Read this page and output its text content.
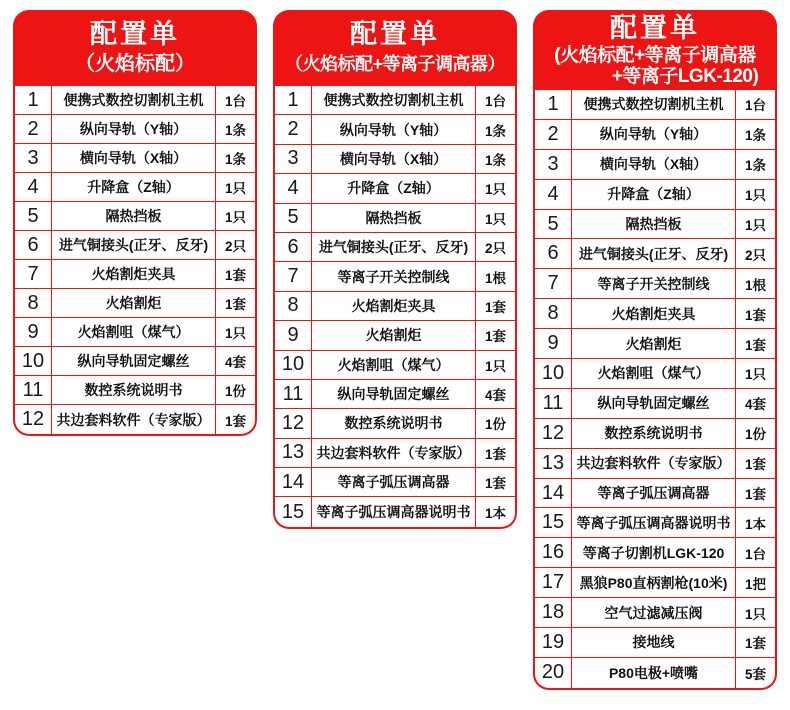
配置单
（火焰标配）
1	便携式数控切割机主机	1台
2	纵向导轨（Y轴）	1条
3	横向导轨（X轴）	1条
4	升降盒（Z轴）	1只
5	隔热挡板	1只
6	进气铜接头(正牙、反牙)	2只
7	火焰割炬夹具	1套
8	火焰割炬	1套
9	火焰割咀（煤气）	1只
10	纵向导轨固定螺丝	4套
11	数控系统说明书	1份
12 共边套料软件（专家版）	1套
配置单
（火焰标配+等离子调高器）
1	便携式数控切割机主机	1台
2	纵向导轨（Y轴）	1条
3	横向导轨（X轴）	1条
4	升降盒（Z轴）	1只
5	隔热挡板	1只
6	进气铜接头(正牙、反牙)	2只
7	等离子开关控制线	1根
8	火焰割炬夹具	1套
9	火焰割炬	1套
10	火焰割咀（煤气）	1只
11	纵向导轨固定螺丝	4套
12	数控系统说明书	1份
13 共边套料软件（专家版）	1套
14	等离子弧压调高器	1套
15 等离子弧压调高器说明书	1本
配置单
(火焰标配+等离子调高器
+等离子LGK-120)
1	便携式数控切割机主机	1台
2	纵向导轨（Y轴）	1条
3	横向导轨（X轴）	1条
4	升降盒（Z轴）	1只
5	隔热挡板	1只
6	进气铜接头(正牙、反牙)	2只
7	等离子开关控制线	1根
8	火焰割炬夹具	1套
9	火焰割炬	1套
10	火焰割咀（煤气）	1只
11	纵向导轨固定螺丝	4套
12	数控系统说明书	1份
13 共边套料软件（专家版）	1套
14	等离子弧压调高器	1套
15 等离子弧压调高器说明书	1本
16	等离子切割机LGK-120	1台
17	黑狼P80直柄割枪(10米)	1把
18	空气过滤减压阀	1只
19	接地线	1套
20	P80电极+喷嘴	5套
